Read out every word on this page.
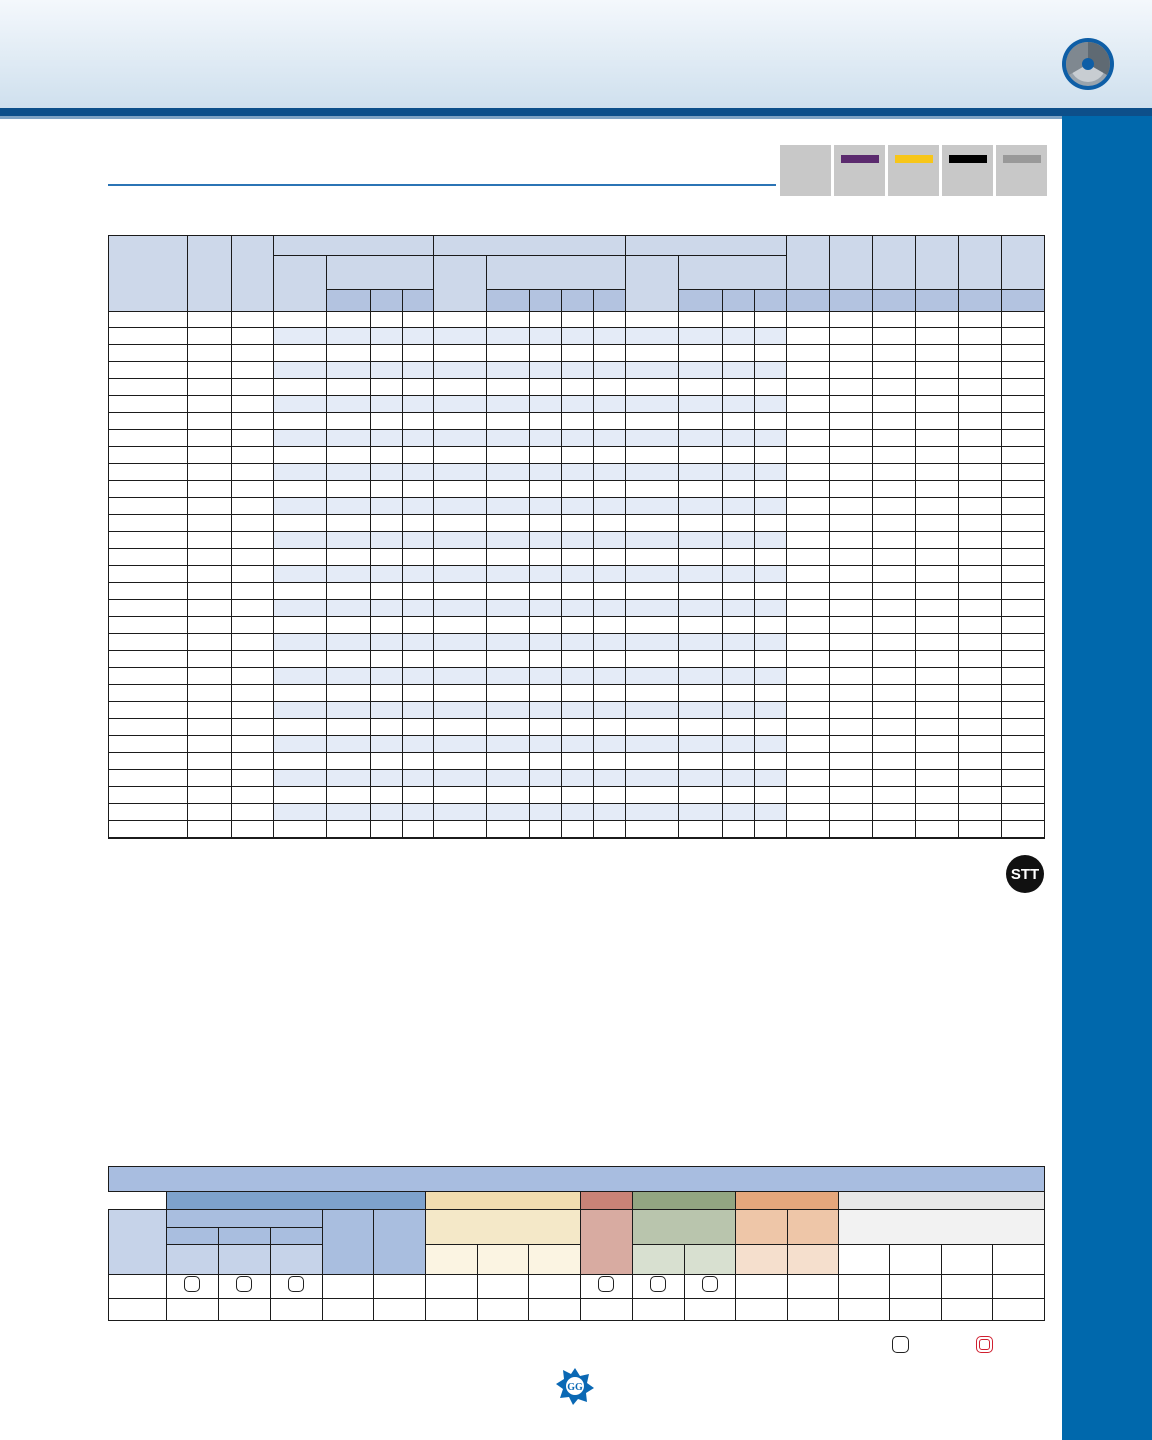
STT

GG
